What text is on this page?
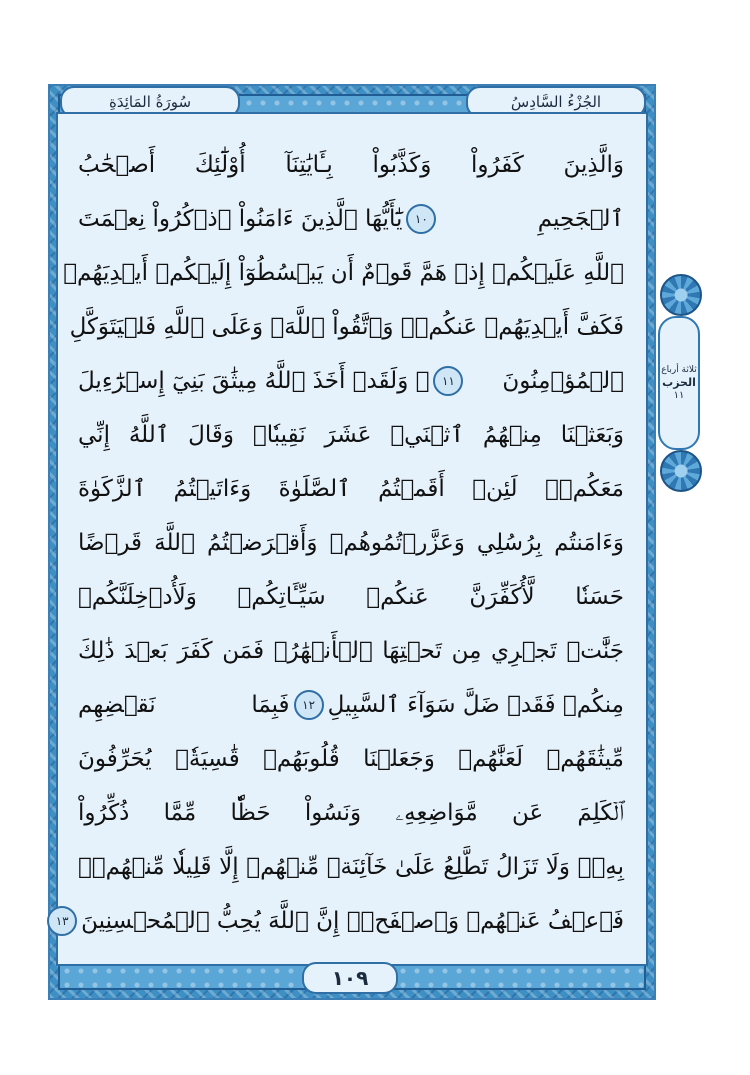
سُورَةُ المَائِدَةِ	الجُزْءُ السَّادِسُ
وَالَّذِينَ كَفَرُواْ وَكَذَّبُواْ بِـَٔايَٰتِنَآ أُوْلَٰٓئِكَ أَصۡحَٰبُ
ٱلۡجَحِيمِ
١٠
يَٰٓأَيُّهَا ٱلَّذِينَ ءَامَنُواْ ٱذۡكُرُواْ نِعۡمَتَ
ٱللَّهِ عَلَيۡكُمۡ إِذۡ هَمَّ قَوۡمٌ أَن يَبۡسُطُوٓاْ إِلَيۡكُمۡ أَيۡدِيَهُمۡ
فَكَفَّ أَيۡدِيَهُمۡ عَنكُمۡۖ وَٱتَّقُواْ ٱللَّهَۚ وَعَلَى ٱللَّهِ فَلۡيَتَوَكَّلِ
ٱلۡمُؤۡمِنُونَ
١١
۞ وَلَقَدۡ أَخَذَ ٱللَّهُ مِيثَٰقَ بَنِيٓ إِسۡرَٰٓءِيلَ
وَبَعَثۡنَا مِنۡهُمُ ٱثۡنَيۡ عَشَرَ نَقِيبٗاۖ وَقَالَ ٱللَّهُ إِنِّي
مَعَكُمۡۖ لَئِنۡ أَقَمۡتُمُ ٱلصَّلَوٰةَ وَءَاتَيۡتُمُ ٱلزَّكَوٰةَ
وَءَامَنتُم بِرُسُلِي وَعَزَّرۡتُمُوهُمۡ وَأَقۡرَضۡتُمُ ٱللَّهَ قَرۡضًا
حَسَنٗا لَّأُكَفِّرَنَّ عَنكُمۡ سَيِّـَٔاتِكُمۡ وَلَأُدۡخِلَنَّكُمۡ
جَنَّٰتٖ تَجۡرِي مِن تَحۡتِهَا ٱلۡأَنۡهَٰرُۚ فَمَن كَفَرَ بَعۡدَ ذَٰلِكَ
مِنكُمۡ فَقَدۡ ضَلَّ سَوَآءَ ٱلسَّبِيلِ
١٢
فَبِمَا نَقۡضِهِم
مِّيثَٰقَهُمۡ لَعَنَّٰهُمۡ وَجَعَلۡنَا قُلُوبَهُمۡ قَٰسِيَةٗۖ يُحَرِّفُونَ
ٱلۡكَلِمَ عَن مَّوَاضِعِهِۦ وَنَسُواْ حَظّٗا مِّمَّا ذُكِّرُواْ
بِهِۦۚ وَلَا تَزَالُ تَطَّلِعُ عَلَىٰ خَآئِنَةٖ مِّنۡهُمۡ إِلَّا قَلِيلٗا مِّنۡهُمۡۖ
فَٱعۡفُ عَنۡهُمۡ وَٱصۡفَحۡۚ إِنَّ ٱللَّهَ يُحِبُّ ٱلۡمُحۡسِنِينَ
١٣
١٠٩
ثلاثة أرباع
الحزب
١١
